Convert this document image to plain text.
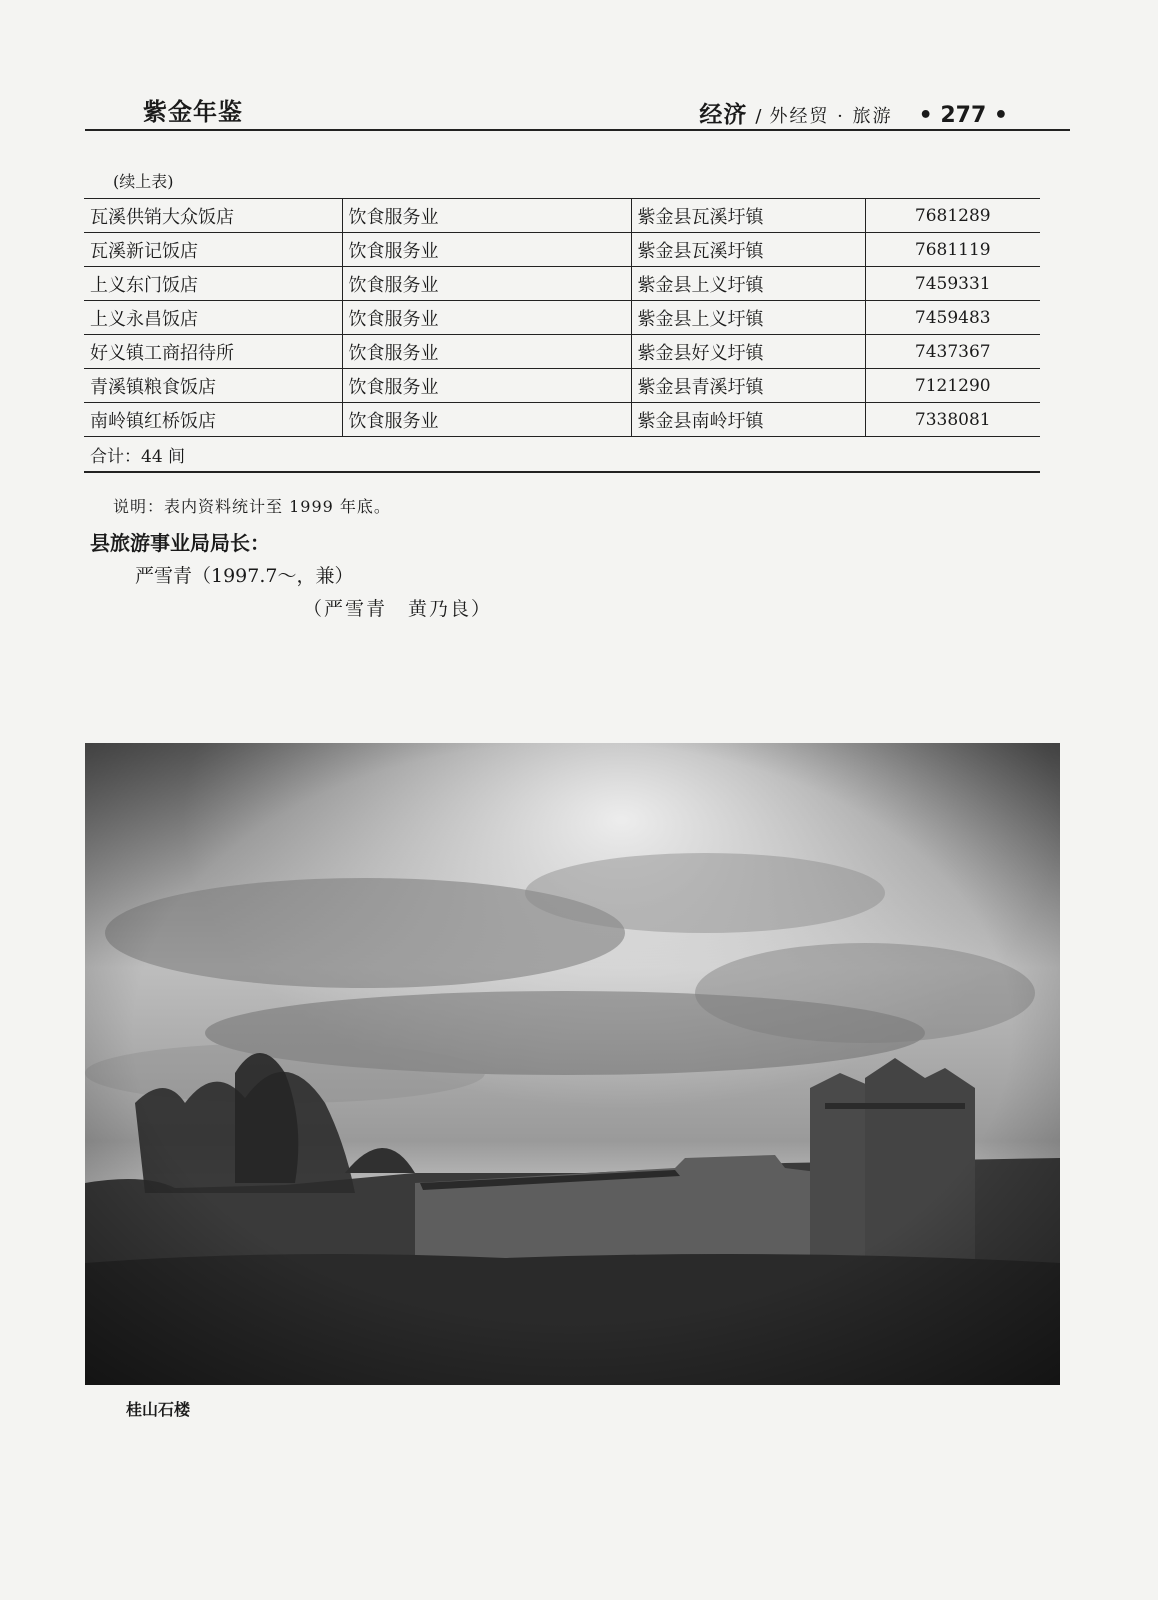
紫金年鉴	经济 / 外经贸 · 旅游 • 277 •
(续上表)
瓦溪供销大众饭店	饮食服务业	紫金县瓦溪圩镇	7681289
瓦溪新记饭店	饮食服务业	紫金县瓦溪圩镇	7681119
上义东门饭店	饮食服务业	紫金县上义圩镇	7459331
上义永昌饭店	饮食服务业	紫金县上义圩镇	7459483
好义镇工商招待所	饮食服务业	紫金县好义圩镇	7437367
青溪镇粮食饭店	饮食服务业	紫金县青溪圩镇	7121290
南岭镇红桥饭店	饮食服务业	紫金县南岭圩镇	7338081
合计：44 间			
说明：表内资料统计至 1999 年底。
县旅游事业局局长：
严雪青（1997.7～，兼）
（严雪青　黄乃良）
桂山石楼
